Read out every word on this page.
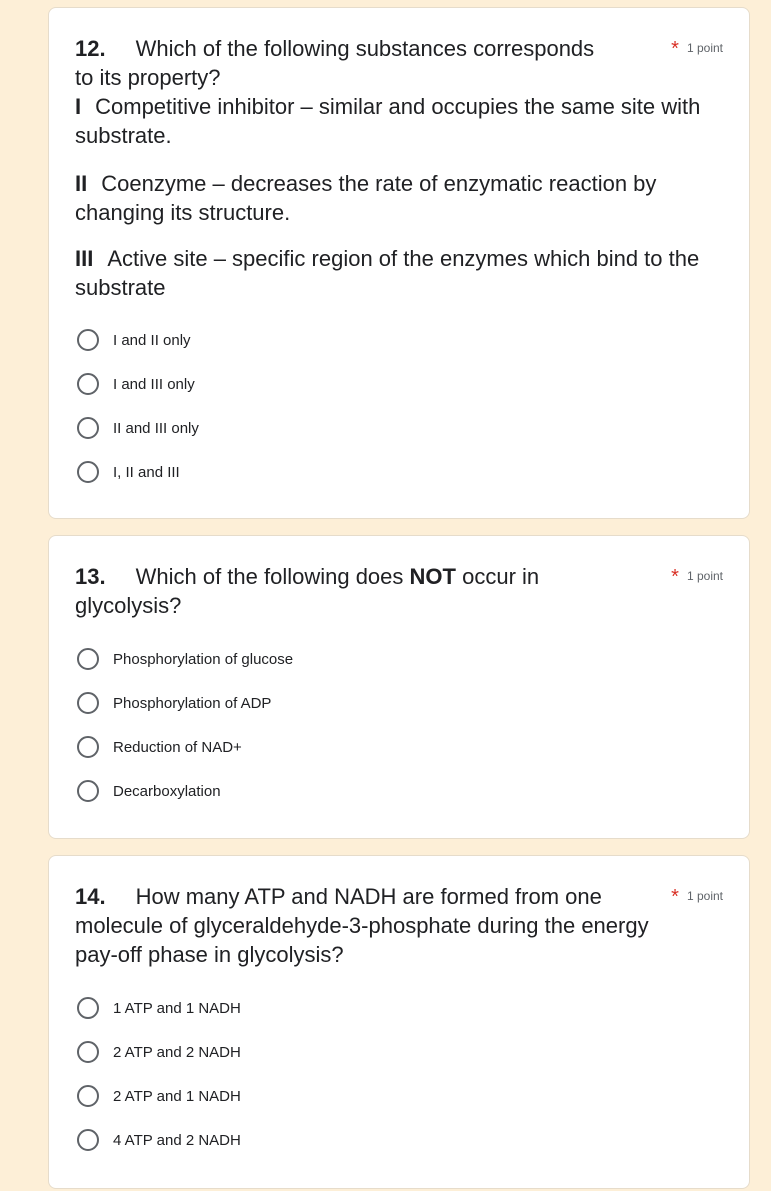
* 1 point
12. Which of the following substances corresponds to its property?
I Competitive inhibitor – similar and occupies the same site with substrate.
II Coenzyme – decreases the rate of enzymatic reaction by changing its structure.
III Active site – specific region of the enzymes which bind to the substrate
I and II only
I and III only
II and III only
I, II and III
* 1 point
13. Which of the following does NOT occur in glycolysis?
Phosphorylation of glucose
Phosphorylation of ADP
Reduction of NAD+
Decarboxylation
* 1 point
14. How many ATP and NADH are formed from one molecule of glyceraldehyde-3-phosphate during the energy pay-off phase in glycolysis?
1 ATP and 1 NADH
2 ATP and 2 NADH
2 ATP and 1 NADH
4 ATP and 2 NADH
